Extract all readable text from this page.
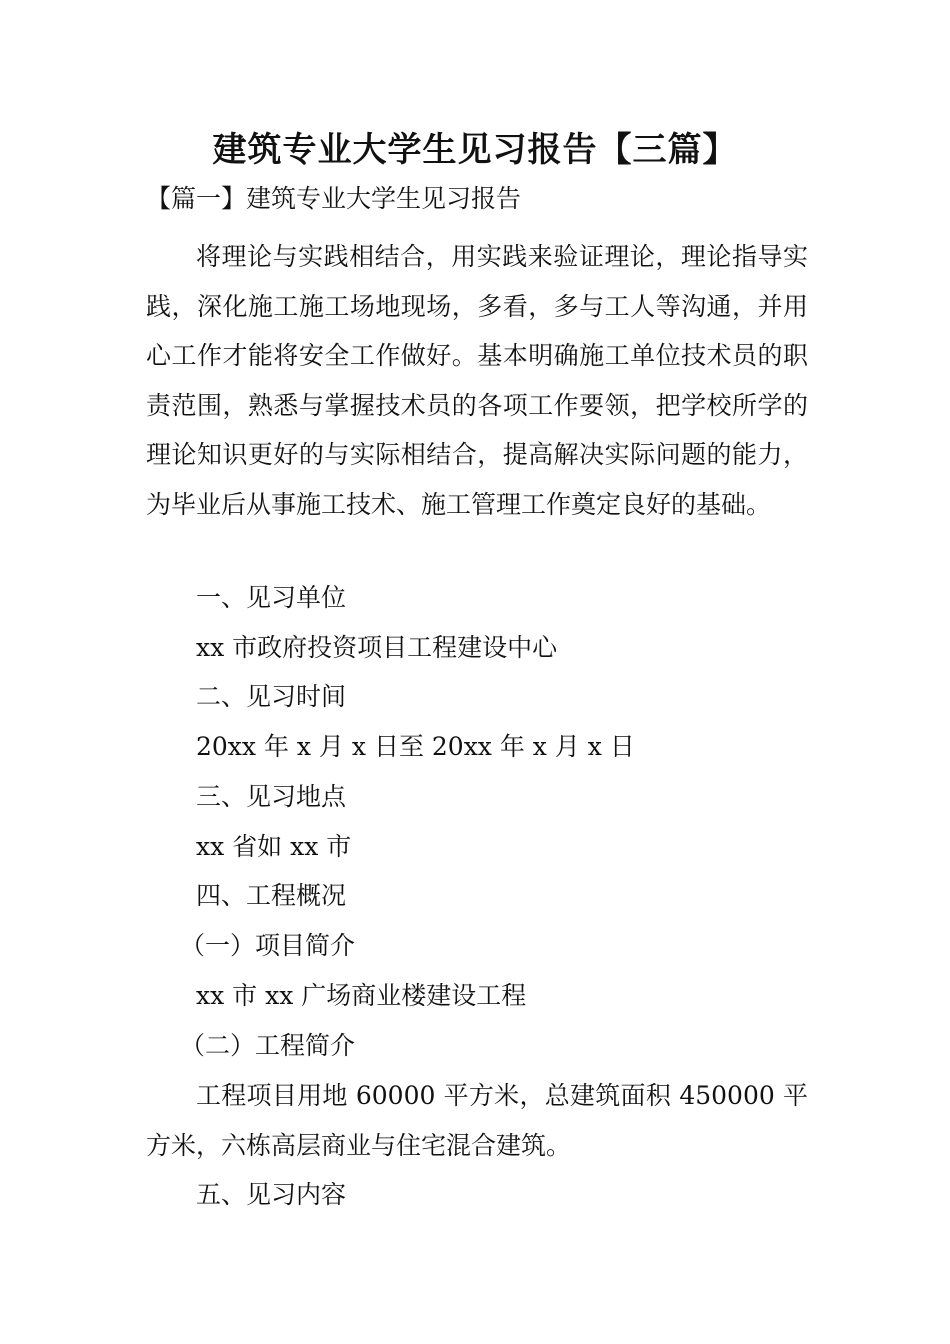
建筑专业大学生见习报告【三篇】
【篇一】建筑专业大学生见习报告
将理论与实践相结合，用实践来验证理论，理论指导实践，深化施工施工场地现场，多看，多与工人等沟通，并用心工作才能将安全工作做好。基本明确施工单位技术员的职责范围，熟悉与掌握技术员的各项工作要领，把学校所学的理论知识更好的与实际相结合，提高解决实际问题的能力，为毕业后从事施工技术、施工管理工作奠定良好的基础。
一、见习单位
xx 市政府投资项目工程建设中心
二、见习时间
20xx 年 x 月 x 日至 20xx 年 x 月 x 日
三、见习地点
xx 省如 xx 市
四、工程概况
（一）项目简介
xx 市 xx 广场商业楼建设工程
（二）工程简介
工程项目用地 60000 平方米，总建筑面积 450000 平方米，六栋高层商业与住宅混合建筑。
五、见习内容
